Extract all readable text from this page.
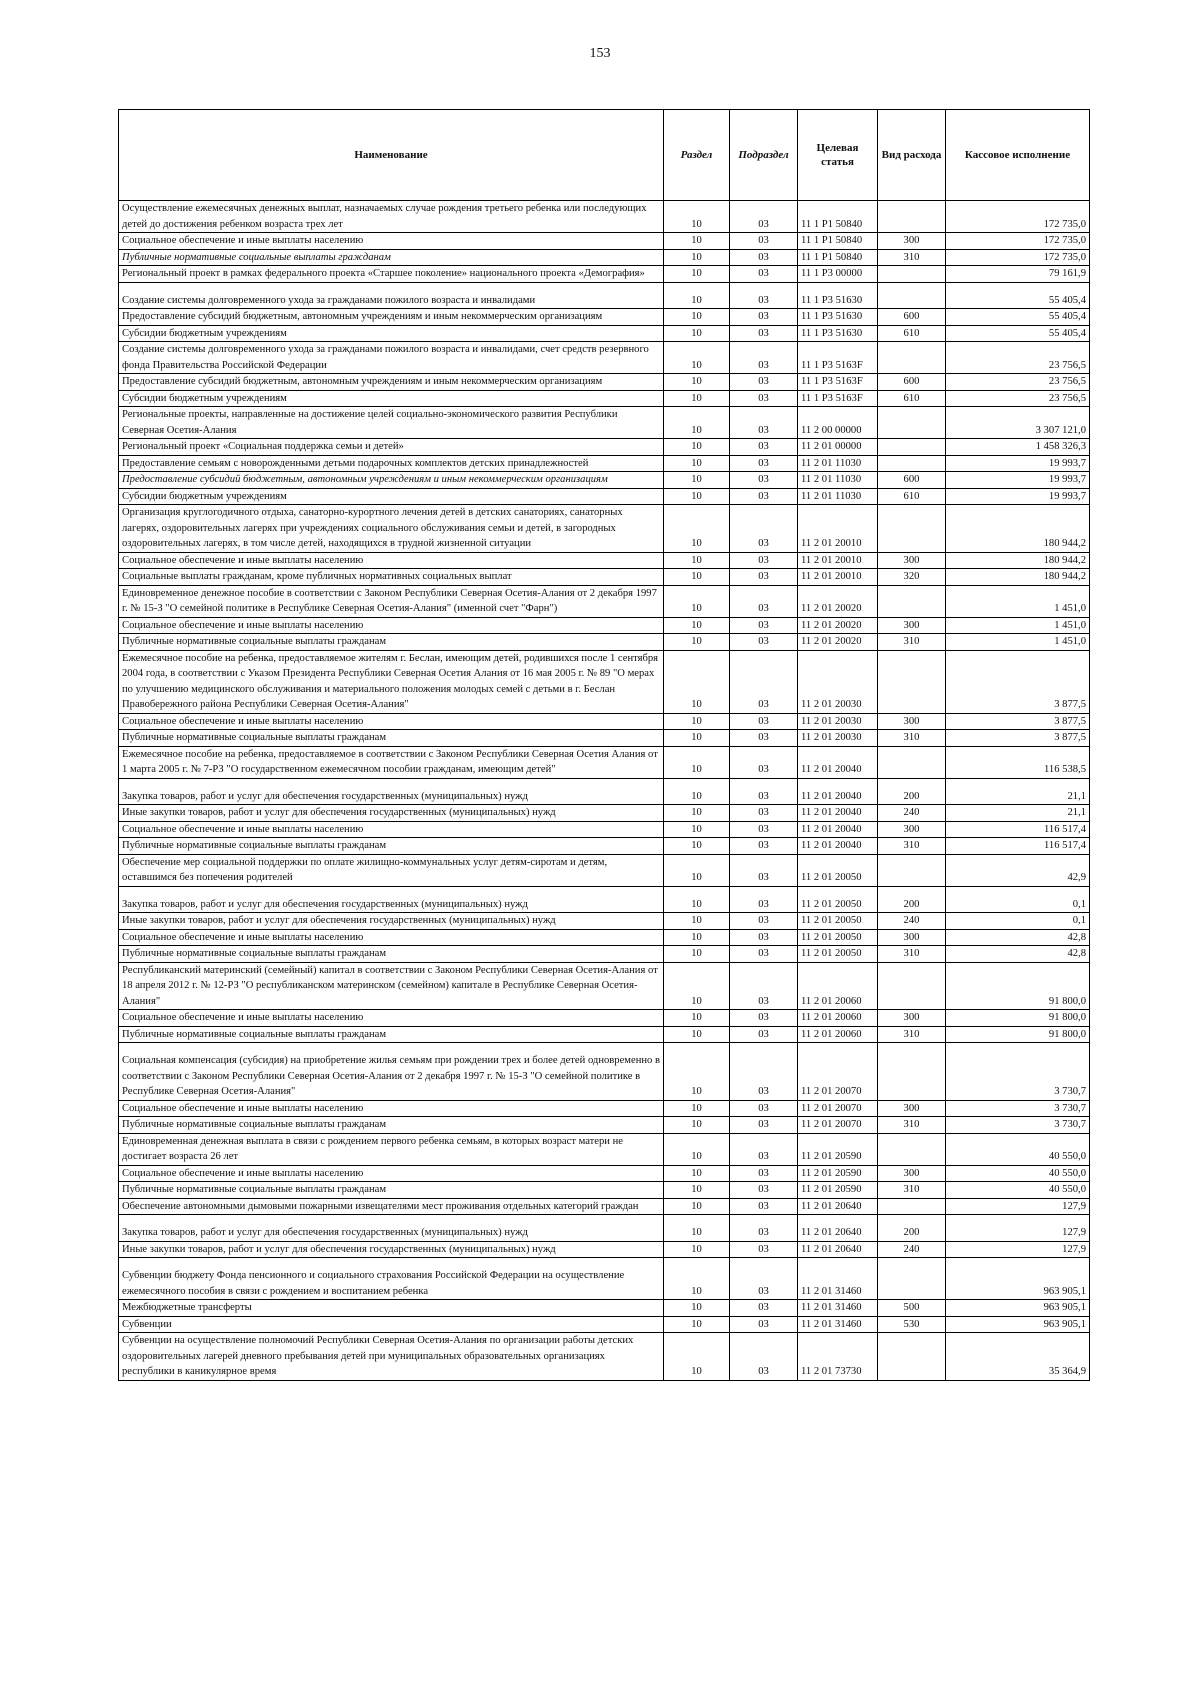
153
Наименование	Раздел	Подраздел	Целевая статья	Вид расхода	Кассовое исполнение
Осуществление ежемесячных денежных выплат, назначаемых случае рождения третьего ребенка или последующих детей до достижения ребенком возраста трех лет	10	03	11 1 P1 50840		172 735,0
Социальное обеспечение и иные выплаты населению	10	03	11 1 P1 50840	300	172 735,0
Публичные нормативные социальные выплаты гражданам	10	03	11 1 P1 50840	310	172 735,0
Региональный проект в рамках федерального проекта «Старшее поколение» национального проекта «Демография»	10	03	11 1 P3 00000		79 161,9
Создание системы долговременного ухода за гражданами пожилого возраста и инвалидами	10	03	11 1 P3 51630		55 405,4
Предоставление субсидий бюджетным, автономным учреждениям и иным некоммерческим организациям	10	03	11 1 P3 51630	600	55 405,4
Субсидии бюджетным учреждениям	10	03	11 1 P3 51630	610	55 405,4
Создание системы долговременного ухода за гражданами пожилого возраста и инвалидами, счет средств резервного фонда Правительства Российской Федерации	10	03	11 1 P3 5163F		23 756,5
Предоставление субсидий бюджетным, автономным учреждениям и иным некоммерческим организациям	10	03	11 1 P3 5163F	600	23 756,5
Субсидии бюджетным учреждениям	10	03	11 1 P3 5163F	610	23 756,5
Региональные проекты, направленные на достижение целей социально-экономического развития Республики Северная Осетия-Алания	10	03	11 2 00 00000		3 307 121,0
Региональный проект «Социальная поддержка семьи и детей»	10	03	11 2 01 00000		1 458 326,3
Предоставление семьям с новорожденными детьми подарочных комплектов детских принадлежностей	10	03	11 2 01 11030		19 993,7
Предоставление субсидий бюджетным, автономным учреждениям и иным некоммерческим организациям	10	03	11 2 01 11030	600	19 993,7
Субсидии бюджетным учреждениям	10	03	11 2 01 11030	610	19 993,7
Организация круглогодичного отдыха, санаторно-курортного лечения детей в детских санаториях, санаторных лагерях, оздоровительных лагерях при учреждениях социального обслуживания семьи и детей, в загородных оздоровительных лагерях, в том числе детей, находящихся в трудной жизненной ситуации	10	03	11 2 01 20010		180 944,2
Социальное обеспечение и иные выплаты населению	10	03	11 2 01 20010	300	180 944,2
Социальные выплаты гражданам, кроме публичных нормативных социальных выплат	10	03	11 2 01 20010	320	180 944,2
Единовременное денежное пособие в соответствии с Законом Республики Северная Осетия-Алания от 2 декабря 1997 г. № 15-З "О семейной политике в Республике Северная Осетия-Алания" (именной счет "Фарн")	10	03	11 2 01 20020		1 451,0
Социальное обеспечение и иные выплаты населению	10	03	11 2 01 20020	300	1 451,0
Публичные нормативные социальные выплаты гражданам	10	03	11 2 01 20020	310	1 451,0
Ежемесячное пособие на ребенка, предоставляемое жителям г. Беслан, имеющим детей, родившихся после 1 сентября 2004 года, в соответствии с Указом Президента Республики Северная Осетия Алания от 16 мая 2005 г. № 89 "О мерах по улучшению медицинского обслуживания и материального положения молодых семей с детьми в г. Беслан Правобережного района Республики Северная Осетия-Алания"	10	03	11 2 01 20030		3 877,5
Социальное обеспечение и иные выплаты населению	10	03	11 2 01 20030	300	3 877,5
Публичные нормативные социальные выплаты гражданам	10	03	11 2 01 20030	310	3 877,5
Ежемесячное пособие на ребенка, предоставляемое в соответствии с Законом Республики Северная Осетия Алания от 1 марта 2005 г. № 7-РЗ "О государственном ежемесячном пособии гражданам, имеющим детей"	10	03	11 2 01 20040		116 538,5
Закупка товаров, работ и услуг для обеспечения государственных (муниципальных) нужд	10	03	11 2 01 20040	200	21,1
Иные закупки товаров, работ и услуг для обеспечения государственных (муниципальных) нужд	10	03	11 2 01 20040	240	21,1
Социальное обеспечение и иные выплаты населению	10	03	11 2 01 20040	300	116 517,4
Публичные нормативные социальные выплаты гражданам	10	03	11 2 01 20040	310	116 517,4
Обеспечение мер социальной поддержки по оплате жилищно-коммунальных услуг детям-сиротам и детям, оставшимся без попечения родителей	10	03	11 2 01 20050		42,9
Закупка товаров, работ и услуг для обеспечения государственных (муниципальных) нужд	10	03	11 2 01 20050	200	0,1
Иные закупки товаров, работ и услуг для обеспечения государственных (муниципальных) нужд	10	03	11 2 01 20050	240	0,1
Социальное обеспечение и иные выплаты населению	10	03	11 2 01 20050	300	42,8
Публичные нормативные социальные выплаты гражданам	10	03	11 2 01 20050	310	42,8
Республиканский материнский (семейный) капитал в соответствии с Законом Республики Северная Осетия-Алания от 18 апреля 2012 г. № 12-РЗ "О республиканском материнском (семейном) капитале в Республике Северная Осетия-Алания"	10	03	11 2 01 20060		91 800,0
Социальное обеспечение и иные выплаты населению	10	03	11 2 01 20060	300	91 800,0
Публичные нормативные социальные выплаты гражданам	10	03	11 2 01 20060	310	91 800,0
Социальная компенсация (субсидия) на приобретение жилья семьям при рождении трех и более детей одновременно в соответствии с Законом Республики Северная Осетия-Алания от 2 декабря 1997 г. № 15-З "О семейной политике в Республике Северная Осетия-Алания"	10	03	11 2 01 20070		3 730,7
Социальное обеспечение и иные выплаты населению	10	03	11 2 01 20070	300	3 730,7
Публичные нормативные социальные выплаты гражданам	10	03	11 2 01 20070	310	3 730,7
Единовременная денежная выплата в связи с рождением первого ребенка семьям, в которых возраст матери не достигает возраста 26 лет	10	03	11 2 01 20590		40 550,0
Социальное обеспечение и иные выплаты населению	10	03	11 2 01 20590	300	40 550,0
Публичные нормативные социальные выплаты гражданам	10	03	11 2 01 20590	310	40 550,0
Обеспечение автономными дымовыми пожарными извещателями мест проживания отдельных категорий граждан	10	03	11 2 01 20640		127,9
Закупка товаров, работ и услуг для обеспечения государственных (муниципальных) нужд	10	03	11 2 01 20640	200	127,9
Иные закупки товаров, работ и услуг для обеспечения государственных (муниципальных) нужд	10	03	11 2 01 20640	240	127,9
Субвенции бюджету Фонда пенсионного и социального страхования Российской Федерации на осуществление ежемесячного пособия в связи с рождением и воспитанием ребенка	10	03	11 2 01 31460		963 905,1
Межбюджетные трансферты	10	03	11 2 01 31460	500	963 905,1
Субвенции	10	03	11 2 01 31460	530	963 905,1
Субвенции на осуществление полномочий Республики Северная Осетия-Алания по организации работы детских оздоровительных лагерей дневного пребывания детей при муниципальных образовательных организациях республики в каникулярное время	10	03	11 2 01 73730		35 364,9
